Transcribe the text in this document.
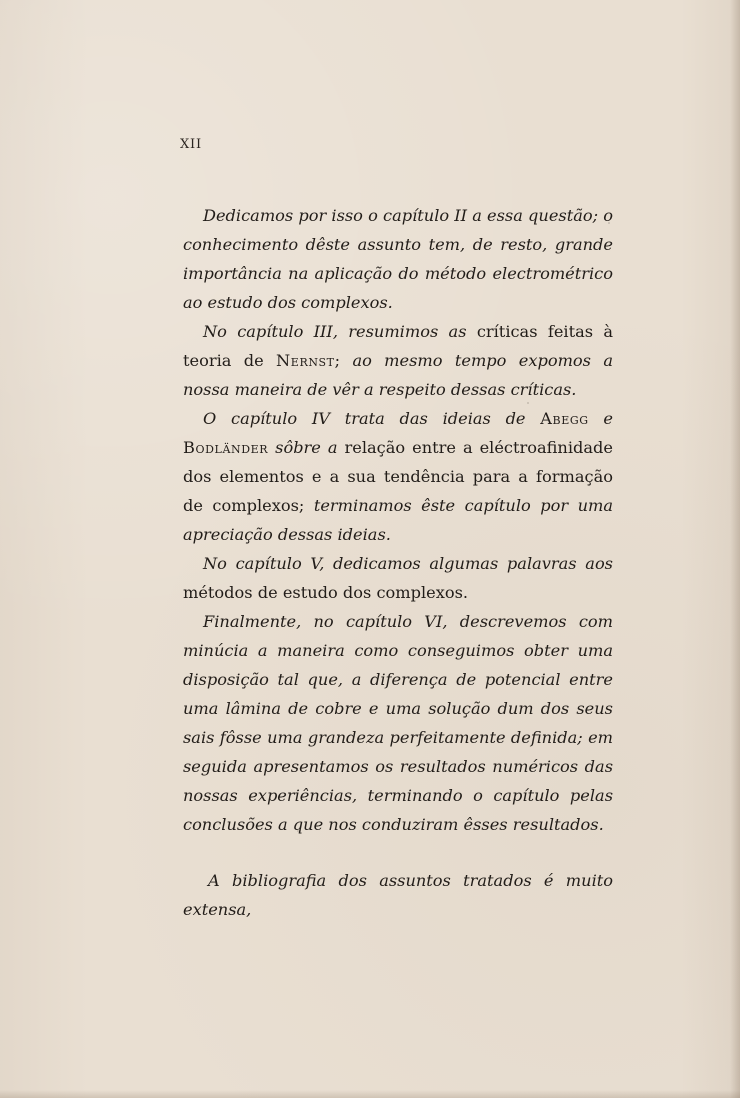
XII

Dedicamos por isso o capítulo II a essa questão; o conhecimento dêste assunto tem, de resto, grande importância na aplicação do método electrométrico ao estudo dos complexos.

No capítulo III, resumimos as críticas feitas à teoria de Nernst; ao mesmo tempo expomos a nossa maneira de vêr a respeito dessas críticas.

O capítulo IV trata das ideias de Abegg e Bodländer sôbre a relação entre a eléctroafinidade dos elementos e a sua tendência para a formação de complexos; terminamos êste capítulo por uma apreciação dessas ideias.

No capítulo V, dedicamos algumas palavras aos métodos de estudo dos complexos.

Finalmente, no capítulo VI, descrevemos com minúcia a maneira como conseguimos obter uma disposição tal que, a diferença de potencial entre uma lâmina de cobre e uma solução dum dos seus sais fôsse uma grandeza perfeitamente definida; em seguida apresentamos os resultados numéricos das nossas experiências, terminando o capítulo pelas conclusões a que nos conduziram êsses resultados.

A bibliografia dos assuntos tratados é muito extensa,
